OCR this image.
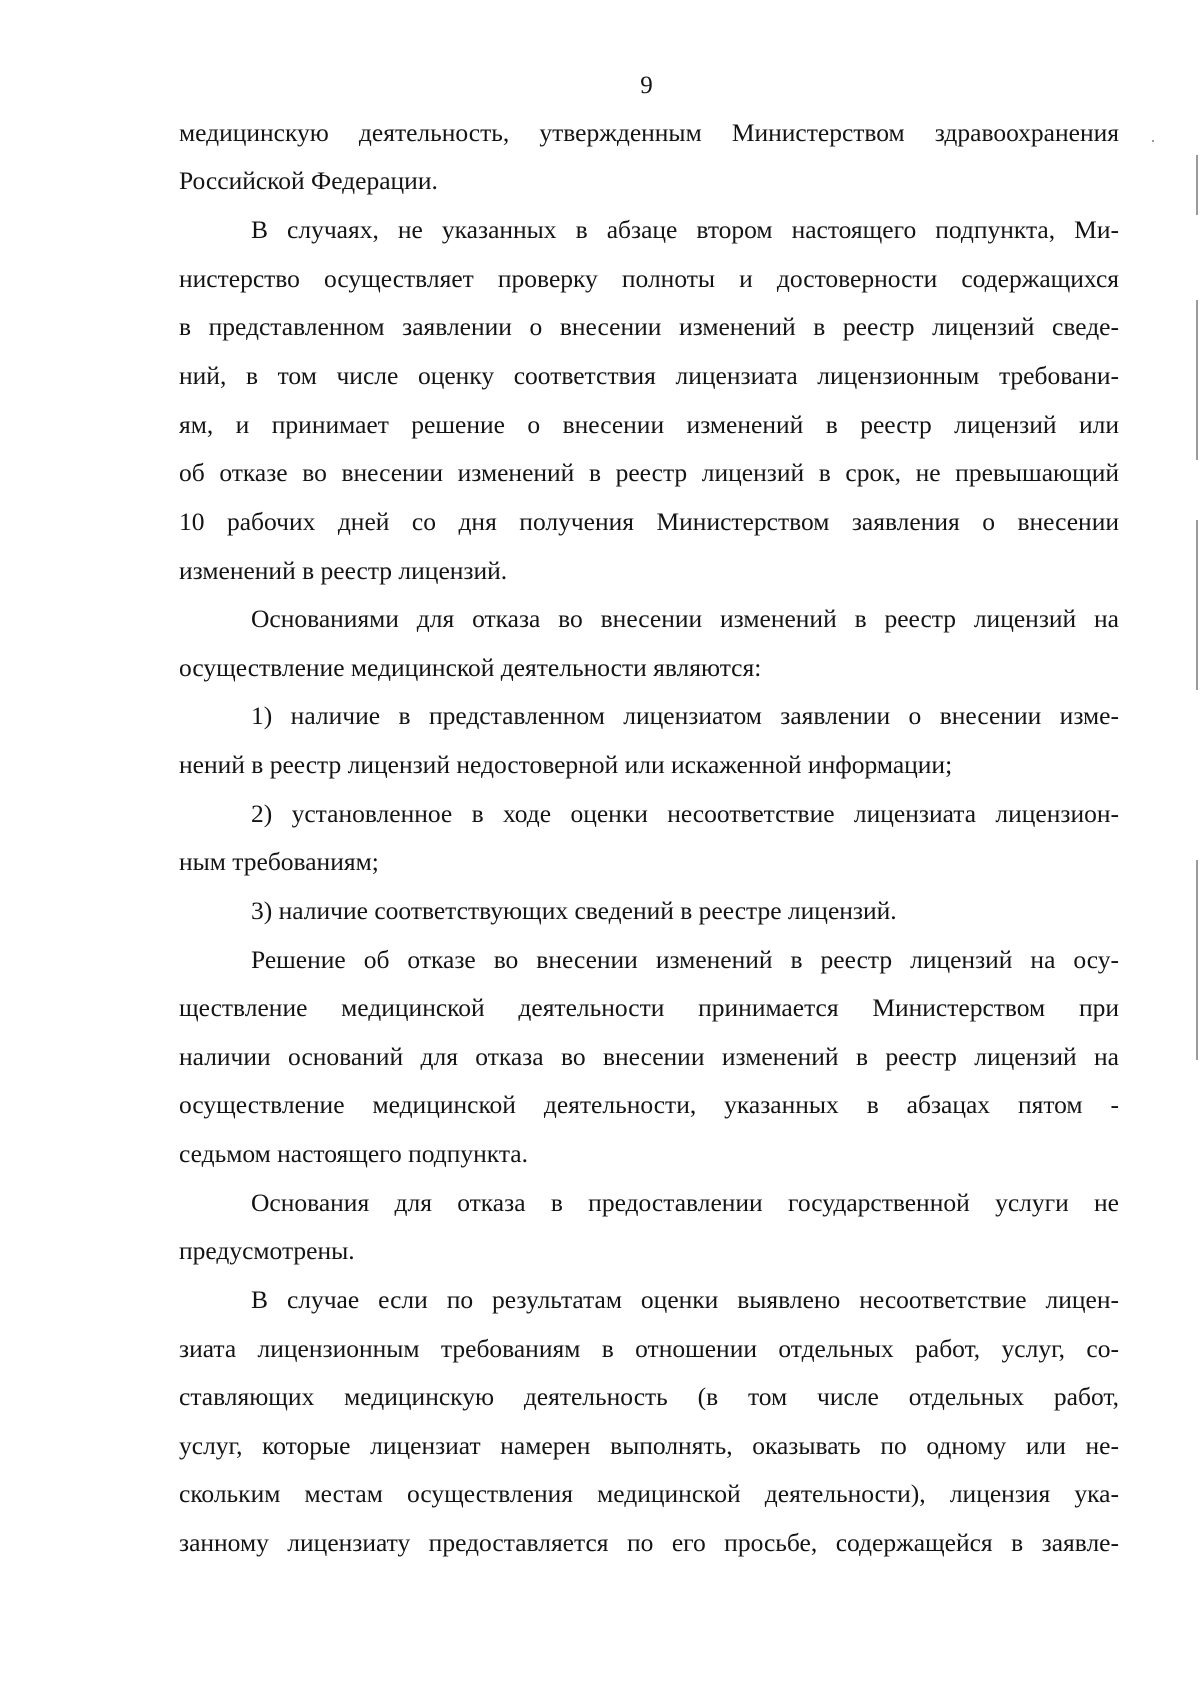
9
медицинскую деятельность, утвержденным Министерством здравоохранения
Российской Федерации.
В случаях, не указанных в абзаце втором настоящего подпункта, Ми-
нистерство осуществляет проверку полноты и достоверности содержащихся
в представленном заявлении о внесении изменений в реестр лицензий сведе-
ний, в том числе оценку соответствия лицензиата лицензионным требовани-
ям, и принимает решение о внесении изменений в реестр лицензий или
об отказе во внесении изменений в реестр лицензий в срок, не превышающий
10 рабочих дней со дня получения Министерством заявления о внесении
изменений в реестр лицензий.
Основаниями для отказа во внесении изменений в реестр лицензий на
осуществление медицинской деятельности являются:
1) наличие в представленном лицензиатом заявлении о внесении изме-
нений в реестр лицензий недостоверной или искаженной информации;
2) установленное в ходе оценки несоответствие лицензиата лицензион-
ным требованиям;
3) наличие соответствующих сведений в реестре лицензий.
Решение об отказе во внесении изменений в реестр лицензий на осу-
ществление медицинской деятельности принимается Министерством при
наличии оснований для отказа во внесении изменений в реестр лицензий на
осуществление медицинской деятельности, указанных в абзацах пятом -
седьмом настоящего подпункта.
Основания для отказа в предоставлении государственной услуги не
предусмотрены.
В случае если по результатам оценки выявлено несоответствие лицен-
зиата лицензионным требованиям в отношении отдельных работ, услуг, со-
ставляющих медицинскую деятельность (в том числе отдельных работ,
услуг, которые лицензиат намерен выполнять, оказывать по одному или не-
скольким местам осуществления медицинской деятельности), лицензия ука-
занному лицензиату предоставляется по его просьбе, содержащейся в заявле-
